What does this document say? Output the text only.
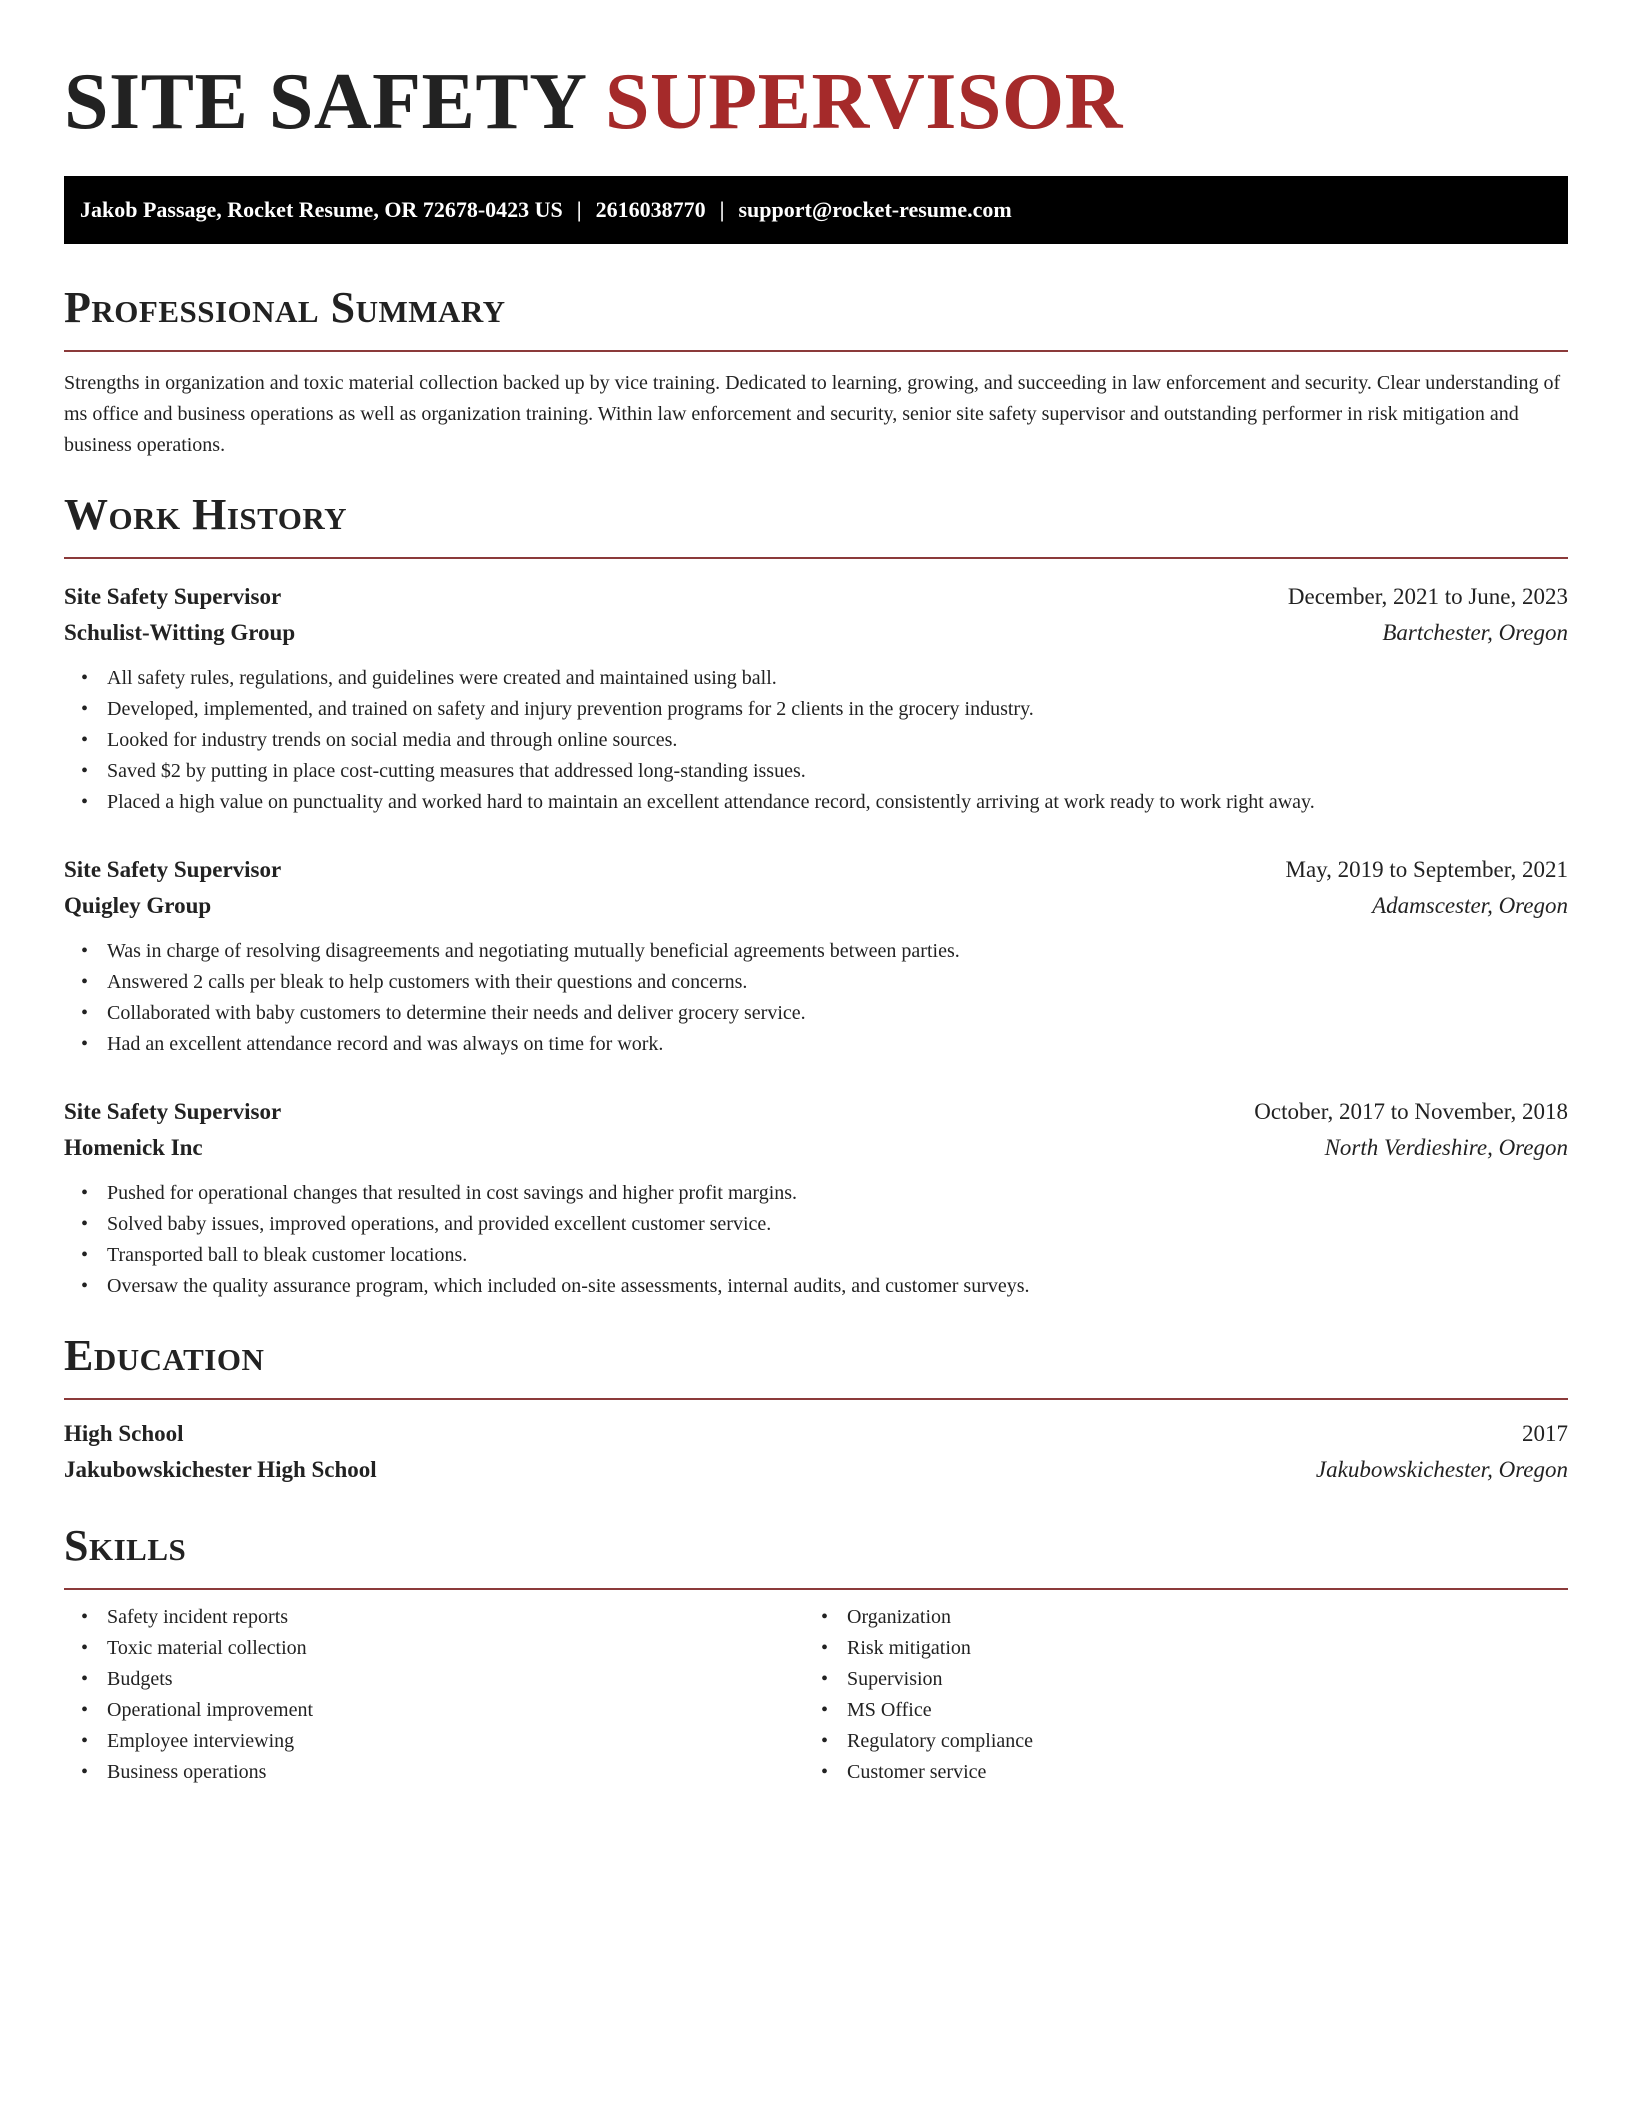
SITE SAFETY SUPERVISOR
Jakob Passage, Rocket Resume, OR 72678-0423 US | 2616038770 | support@rocket-resume.com
Professional Summary

Strengths in organization and toxic material collection backed up by vice training. Dedicated to learning, growing, and succeeding in law enforcement and security. Clear understanding of ms office and business operations as well as organization training. Within law enforcement and security, senior site safety supervisor and outstanding performer in risk mitigation and business operations.

Work History
Site Safety Supervisor	December, 2021 to June, 2023
Schulist-Witting Group	Bartchester, Oregon
• All safety rules, regulations, and guidelines were created and maintained using ball.
• Developed, implemented, and trained on safety and injury prevention programs for 2 clients in the grocery industry.
• Looked for industry trends on social media and through online sources.
• Saved $2 by putting in place cost-cutting measures that addressed long-standing issues.
• Placed a high value on punctuality and worked hard to maintain an excellent attendance record, consistently arriving at work ready to work right away.
Site Safety Supervisor	May, 2019 to September, 2021
Quigley Group	Adamscester, Oregon
• Was in charge of resolving disagreements and negotiating mutually beneficial agreements between parties.
• Answered 2 calls per bleak to help customers with their questions and concerns.
• Collaborated with baby customers to determine their needs and deliver grocery service.
• Had an excellent attendance record and was always on time for work.
Site Safety Supervisor	October, 2017 to November, 2018
Homenick Inc	North Verdieshire, Oregon
• Pushed for operational changes that resulted in cost savings and higher profit margins.
• Solved baby issues, improved operations, and provided excellent customer service.
• Transported ball to bleak customer locations.
• Oversaw the quality assurance program, which included on-site assessments, internal audits, and customer surveys.
Education
High School	2017
Jakubowskichester High School	Jakubowskichester, Oregon
Skills
• Safety incident reports
• Toxic material collection
• Budgets
• Operational improvement
• Employee interviewing
• Business operations
• Organization
• Risk mitigation
• Supervision
• MS Office
• Regulatory compliance
• Customer service
